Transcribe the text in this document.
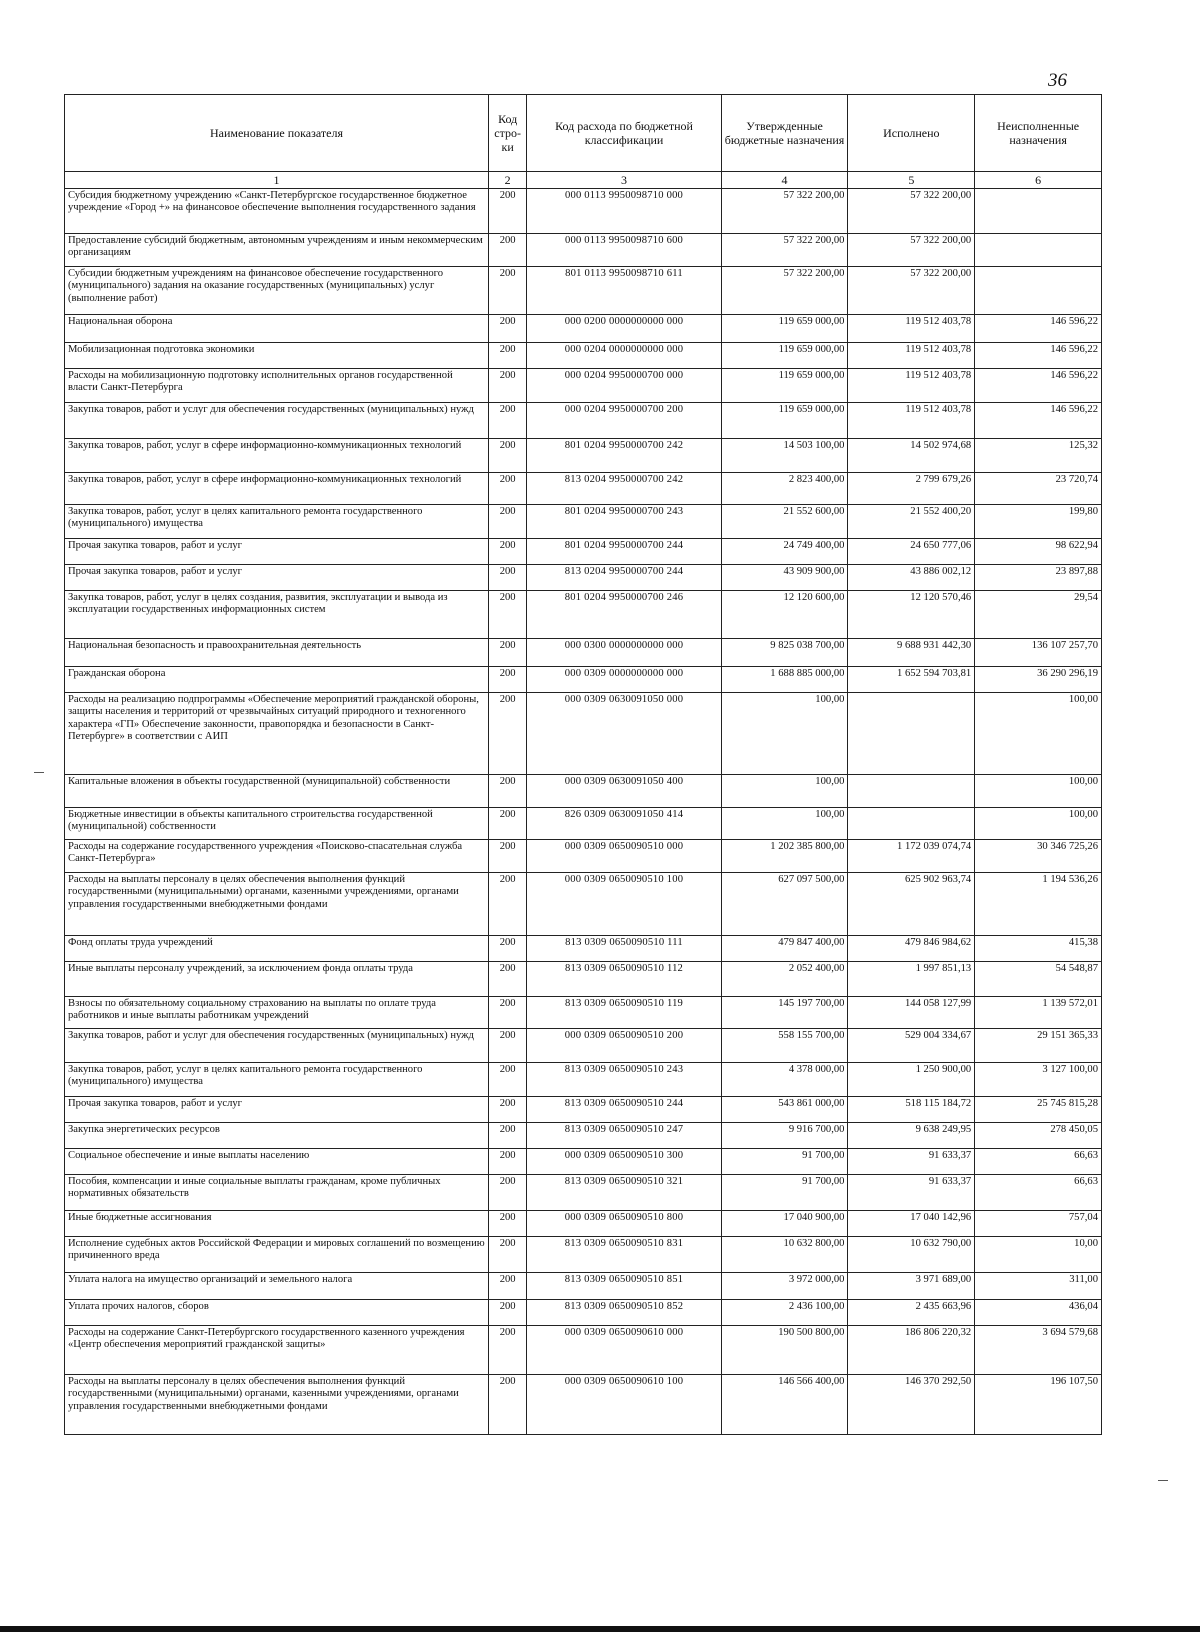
36
Наименование показателя	Код стро-ки	Код расхода по бюджетной классификации	Утвержденные бюджетные назначения	Исполнено	Неисполненные назначения
1	2	3	4	5	6
Субсидия бюджетному учреждению «Санкт-Петербургское государственное бюджетное учреждение «Город +» на финансовое обеспечение выполнения государственного задания	200	000 0113 9950098710 000	57 322 200,00	57 322 200,00	
Предоставление субсидий бюджетным, автономным учреждениям и иным некоммерческим организациям	200	000 0113 9950098710 600	57 322 200,00	57 322 200,00	
Субсидии бюджетным учреждениям на финансовое обеспечение государственного (муниципального) задания на оказание государственных (муниципальных) услуг (выполнение работ)	200	801 0113 9950098710 611	57 322 200,00	57 322 200,00	
Национальная оборона	200	000 0200 0000000000 000	119 659 000,00	119 512 403,78	146 596,22
Мобилизационная подготовка экономики	200	000 0204 0000000000 000	119 659 000,00	119 512 403,78	146 596,22
Расходы на мобилизационную подготовку исполнительных органов государственной власти Санкт-Петербурга	200	000 0204 9950000700 000	119 659 000,00	119 512 403,78	146 596,22
Закупка товаров, работ и услуг для обеспечения государственных (муниципальных) нужд	200	000 0204 9950000700 200	119 659 000,00	119 512 403,78	146 596,22
Закупка товаров, работ, услуг в сфере информационно-коммуникационных технологий	200	801 0204 9950000700 242	14 503 100,00	14 502 974,68	125,32
Закупка товаров, работ, услуг в сфере информационно-коммуникационных технологий	200	813 0204 9950000700 242	2 823 400,00	2 799 679,26	23 720,74
Закупка товаров, работ, услуг в целях капитального ремонта государственного (муниципального) имущества	200	801 0204 9950000700 243	21 552 600,00	21 552 400,20	199,80
Прочая закупка товаров, работ и услуг	200	801 0204 9950000700 244	24 749 400,00	24 650 777,06	98 622,94
Прочая закупка товаров, работ и услуг	200	813 0204 9950000700 244	43 909 900,00	43 886 002,12	23 897,88
Закупка товаров, работ, услуг в целях создания, развития, эксплуатации и вывода из эксплуатации государственных информационных систем	200	801 0204 9950000700 246	12 120 600,00	12 120 570,46	29,54
Национальная безопасность и правоохранительная деятельность	200	000 0300 0000000000 000	9 825 038 700,00	9 688 931 442,30	136 107 257,70
Гражданская оборона	200	000 0309 0000000000 000	1 688 885 000,00	1 652 594 703,81	36 290 296,19
Расходы на реализацию подпрограммы «Обеспечение мероприятий гражданской обороны, защиты населения и территорий от чрезвычайных ситуаций природного и техногенного характера «ГП» Обеспечение законности, правопорядка и безопасности в Санкт-Петербурге» в соответствии с АИП	200	000 0309 0630091050 000	100,00		100,00
Капитальные вложения в объекты государственной (муниципальной) собственности	200	000 0309 0630091050 400	100,00		100,00
Бюджетные инвестиции в объекты капитального строительства государственной (муниципальной) собственности	200	826 0309 0630091050 414	100,00		100,00
Расходы на содержание государственного учреждения «Поисково-спасательная служба Санкт-Петербурга»	200	000 0309 0650090510 000	1 202 385 800,00	1 172 039 074,74	30 346 725,26
Расходы на выплаты персоналу в целях обеспечения выполнения функций государственными (муниципальными) органами, казенными учреждениями, органами управления государственными внебюджетными фондами	200	000 0309 0650090510 100	627 097 500,00	625 902 963,74	1 194 536,26
Фонд оплаты труда учреждений	200	813 0309 0650090510 111	479 847 400,00	479 846 984,62	415,38
Иные выплаты персоналу учреждений, за исключением фонда оплаты труда	200	813 0309 0650090510 112	2 052 400,00	1 997 851,13	54 548,87
Взносы по обязательному социальному страхованию на выплаты по оплате труда работников и иные выплаты работникам учреждений	200	813 0309 0650090510 119	145 197 700,00	144 058 127,99	1 139 572,01
Закупка товаров, работ и услуг для обеспечения государственных (муниципальных) нужд	200	000 0309 0650090510 200	558 155 700,00	529 004 334,67	29 151 365,33
Закупка товаров, работ, услуг в целях капитального ремонта государственного (муниципального) имущества	200	813 0309 0650090510 243	4 378 000,00	1 250 900,00	3 127 100,00
Прочая закупка товаров, работ и услуг	200	813 0309 0650090510 244	543 861 000,00	518 115 184,72	25 745 815,28
Закупка энергетических ресурсов	200	813 0309 0650090510 247	9 916 700,00	9 638 249,95	278 450,05
Социальное обеспечение и иные выплаты населению	200	000 0309 0650090510 300	91 700,00	91 633,37	66,63
Пособия, компенсации и иные социальные выплаты гражданам, кроме публичных нормативных обязательств	200	813 0309 0650090510 321	91 700,00	91 633,37	66,63
Иные бюджетные ассигнования	200	000 0309 0650090510 800	17 040 900,00	17 040 142,96	757,04
Исполнение судебных актов Российской Федерации и мировых соглашений по возмещению причиненного вреда	200	813 0309 0650090510 831	10 632 800,00	10 632 790,00	10,00
Уплата налога на имущество организаций и земельного налога	200	813 0309 0650090510 851	3 972 000,00	3 971 689,00	311,00
Уплата прочих налогов, сборов	200	813 0309 0650090510 852	2 436 100,00	2 435 663,96	436,04
Расходы на содержание Санкт-Петербургского государственного казенного учреждения «Центр обеспечения мероприятий гражданской защиты»	200	000 0309 0650090610 000	190 500 800,00	186 806 220,32	3 694 579,68
Расходы на выплаты персоналу в целях обеспечения выполнения функций государственными (муниципальными) органами, казенными учреждениями, органами управления государственными внебюджетными фондами	200	000 0309 0650090610 100	146 566 400,00	146 370 292,50	196 107,50
